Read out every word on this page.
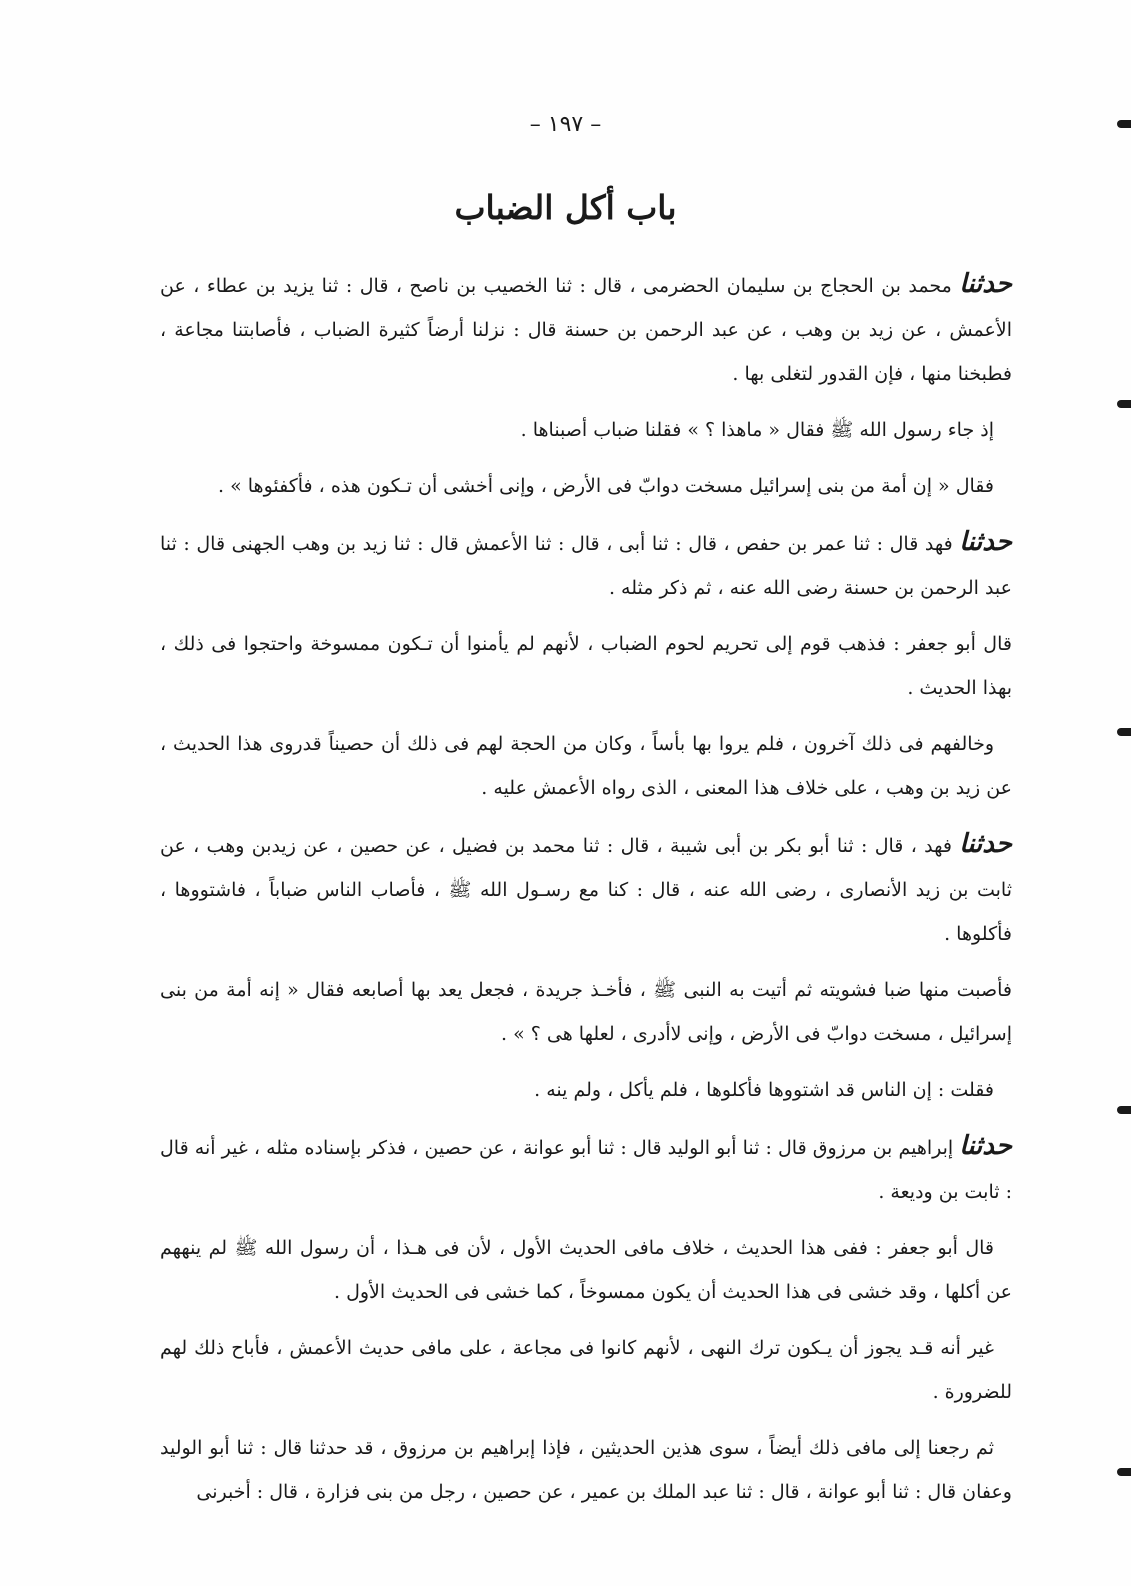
– ١٩٧ –
باب أكل الضباب

حدثنا محمد بن الحجاج بن سليمان الحضرمى ، قال : ثنا الخصيب بن ناصح ، قال : ثنا يزيد بن عطاء ، عن الأعمش ، عن زيد بن وهب ، عن عبد الرحمن بن حسنة قال : نزلنا أرضاً كثيرة الضباب ، فأصابتنا مجاعة ، فطبخنا منها ، فإن القدور لتغلى بها .

إذ جاء رسول الله ﷺ فقال « ماهذا ؟ » فقلنا ضباب أصبناها .

فقال « إن أمة من بنى إسرائيل مسخت دوابّ فى الأرض ، وإنى أخشى أن تـكون هذه ، فأكفئوها » .

حدثنا فهد قال : ثنا عمر بن حفص ، قال : ثنا أبى ، قال : ثنا الأعمش قال : ثنا زيد بن وهب الجهنى قال : ثنا عبد الرحمن بن حسنة رضى الله عنه ، ثم ذكر مثله .

قال أبو جعفر : فذهب قوم إلى تحريم لحوم الضباب ، لأنهم لم يأمنوا أن تـكون ممسوخة واحتجوا فى ذلك ، بهذا الحديث .

وخالفهم فى ذلك آخرون ، فلم يروا بها بأساً ، وكان من الحجة لهم فى ذلك أن حصيناً قدروى هذا الحديث ، عن زيد بن وهب ، على خلاف هذا المعنى ، الذى رواه الأعمش عليه .

حدثنا فهد ، قال : ثنا أبو بكر بن أبى شيبة ، قال : ثنا محمد بن فضيل ، عن حصين ، عن زيدبن وهب ، عن ثابت بن زيد الأنصارى ، رضى الله عنه ، قال : كنا مع رسـول الله ﷺ ، فأصاب الناس ضباباً ، فاشتووها ، فأكلوها .

فأصبت منها ضبا فشويته ثم أتيت به النبى ﷺ ، فأخـذ جريدة ، فجعل يعد بها أصابعه فقال « إنه أمة من بنى إسرائيل ، مسخت دوابّ فى الأرض ، وإنى لاأدرى ، لعلها هى ؟ » .

فقلت : إن الناس قد اشتووها فأكلوها ، فلم يأكل ، ولم ينه .

حدثنا إبراهيم بن مرزوق قال : ثنا أبو الوليد قال : ثنا أبو عوانة ، عن حصين ، فذكر بإسناده مثله ، غير أنه قال : ثابت بن وديعة .

قال أبو جعفر : ففى هذا الحديث ، خلاف مافى الحديث الأول ، لأن فى هـذا ، أن رسول الله ﷺ لم ينههم عن أكلها ، وقد خشى فى هذا الحديث أن يكون ممسوخاً ، كما خشى فى الحديث الأول .

غير أنه قـد يجوز أن يـكون ترك النهى ، لأنهم كانوا فى مجاعة ، على مافى حديث الأعمش ، فأباح ذلك لهم للضرورة .

ثم رجعنا إلى مافى ذلك أيضاً ، سوى هذين الحديثين ، فإذا إبراهيم بن مرزوق ، قد حدثنا قال : ثنا أبو الوليد وعفان قال : ثنا أبو عوانة ، قال : ثنا عبد الملك بن عمير ، عن حصين ، رجل من بنى فزارة ، قال : أخبرنى
